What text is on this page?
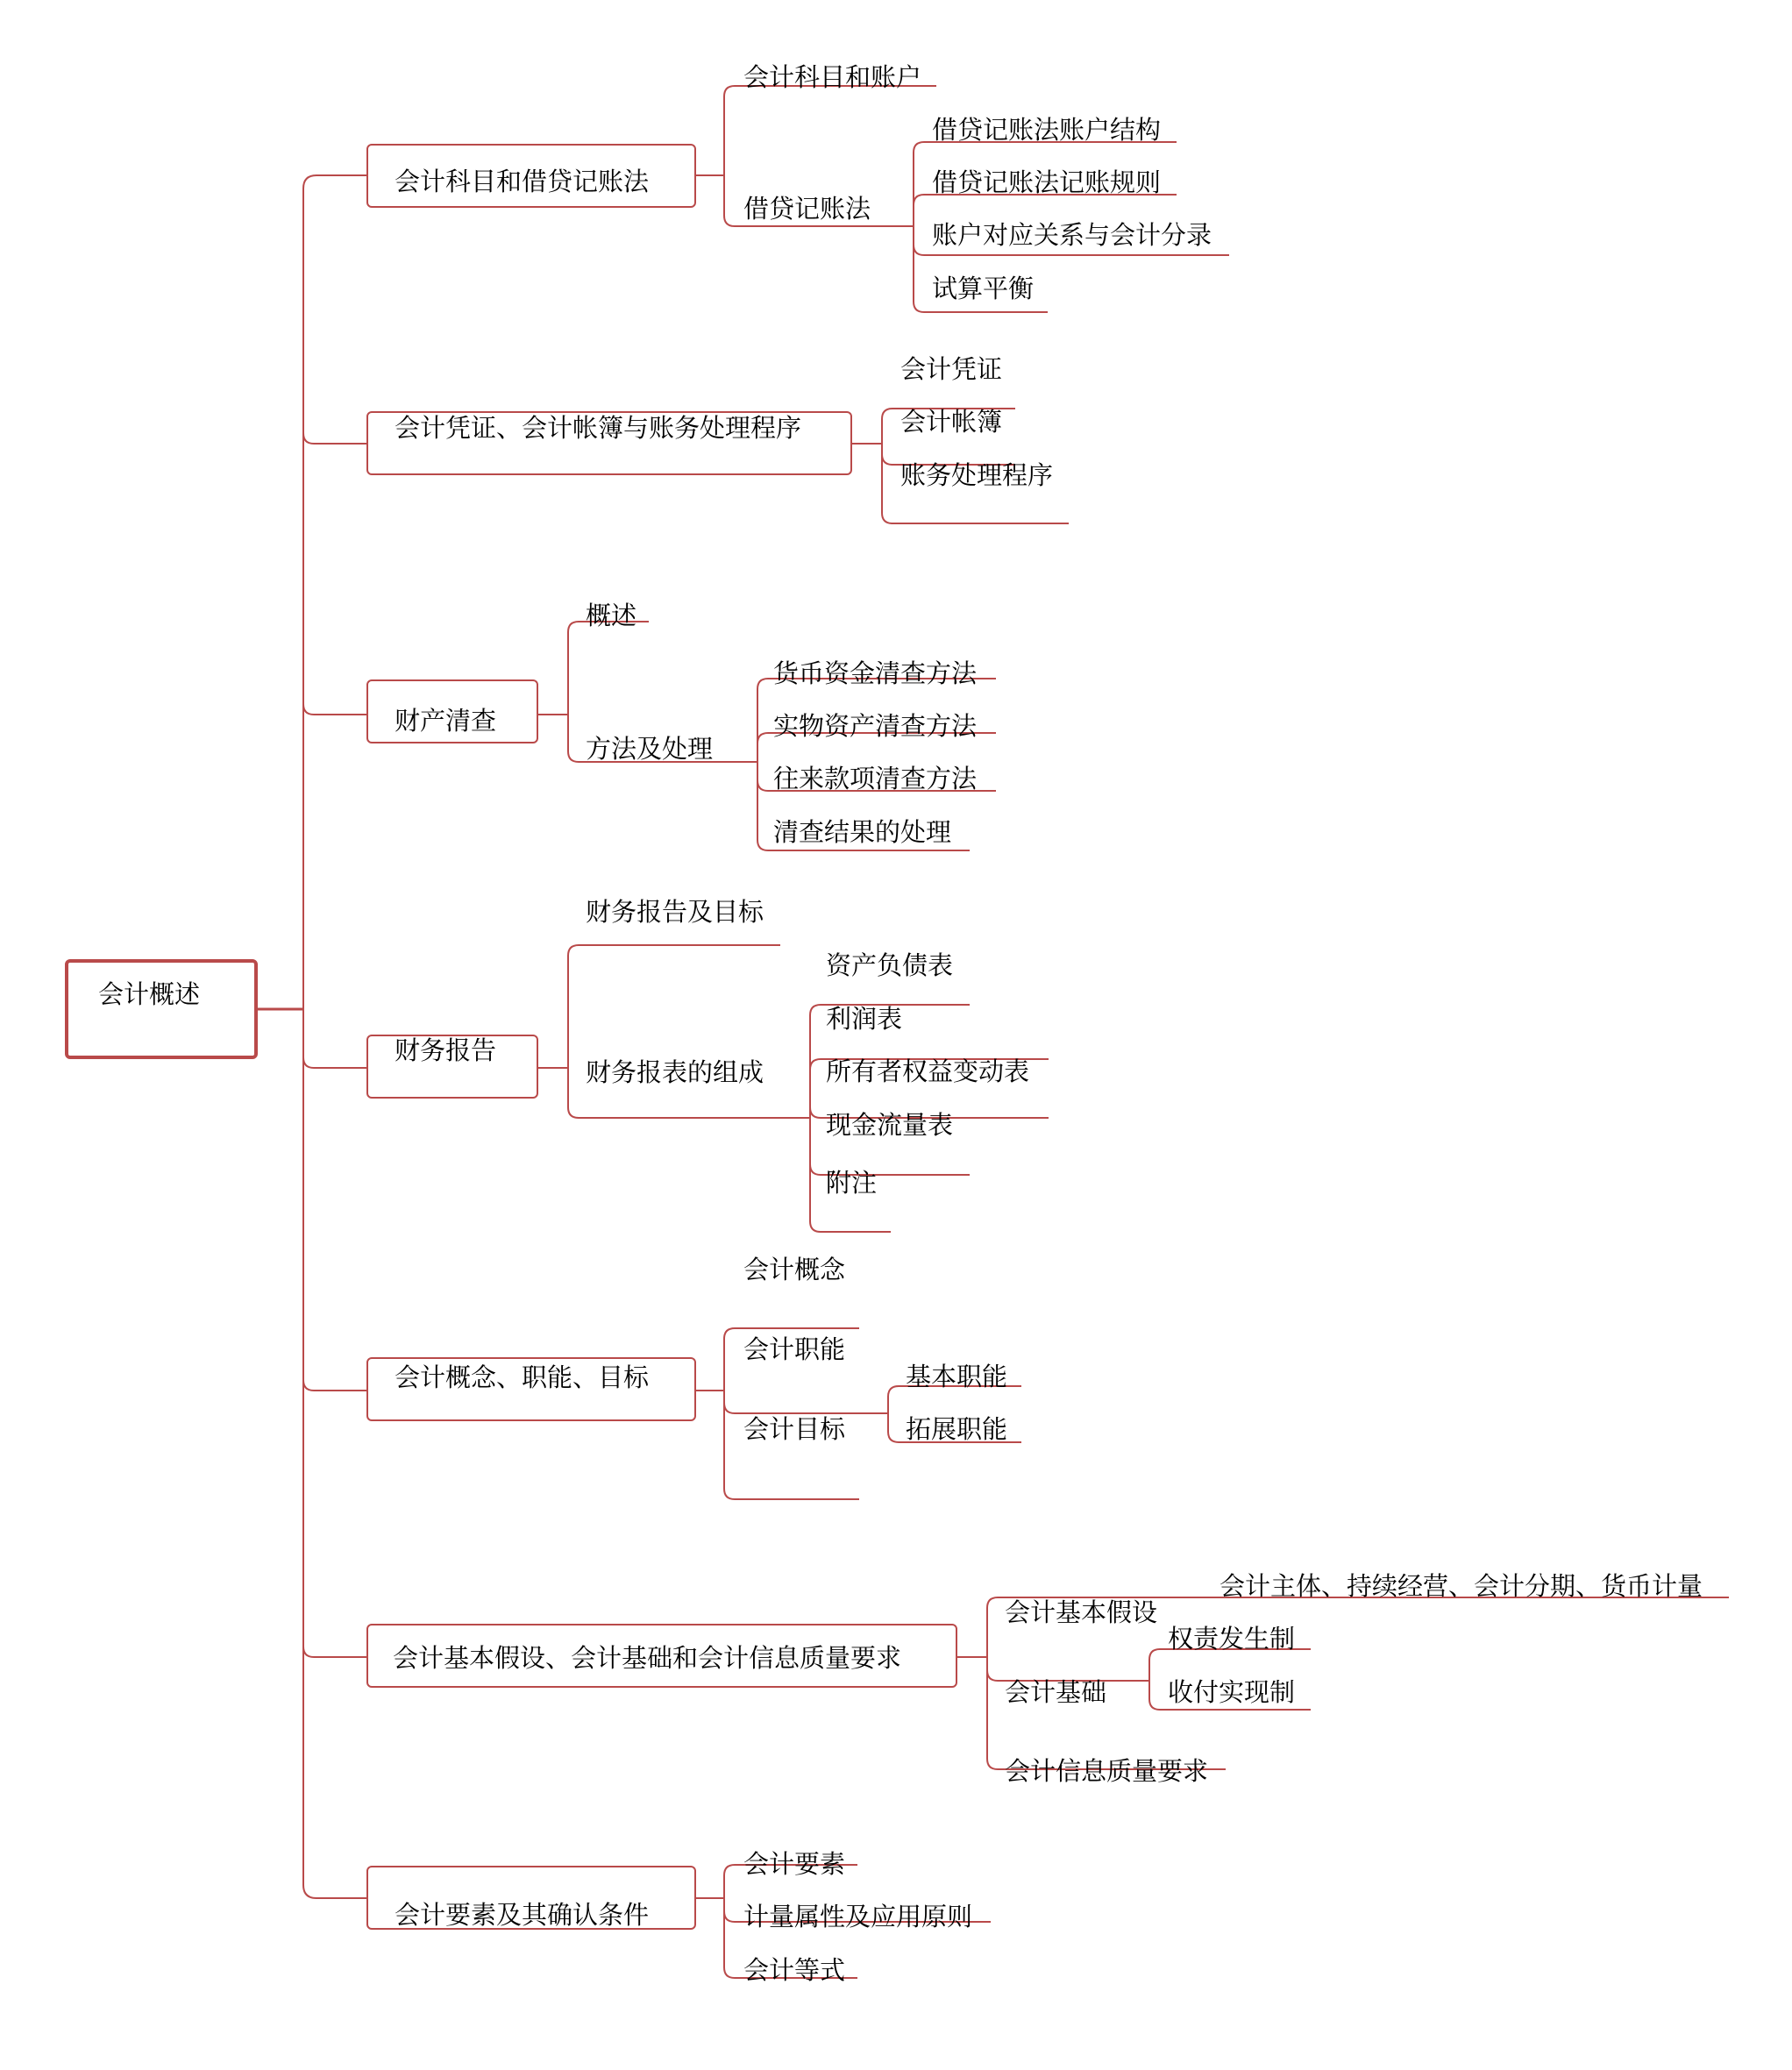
会计概述
会计科目和借贷记账法
会计科目和账户
借贷记账法
借贷记账法账户结构
借贷记账法记账规则
账户对应关系与会计分录
试算平衡
会计凭证、会计帐簿与账务处理程序
会计凭证
会计帐簿
账务处理程序
财产清查
概述
方法及处理
货币资金清查方法
实物资产清查方法
往来款项清查方法
清查结果的处理
财务报告
财务报告及目标
财务报表的组成
资产负债表
利润表
所有者权益变动表
现金流量表
附注
会计概念、职能、目标
会计概念
会计职能
会计目标
基本职能
拓展职能
会计基本假设、会计基础和会计信息质量要求
会计基本假设
会计基础
会计信息质量要求
会计主体、持续经营、会计分期、货币计量
权责发生制
收付实现制
会计要素及其确认条件
会计要素
计量属性及应用原则
会计等式
